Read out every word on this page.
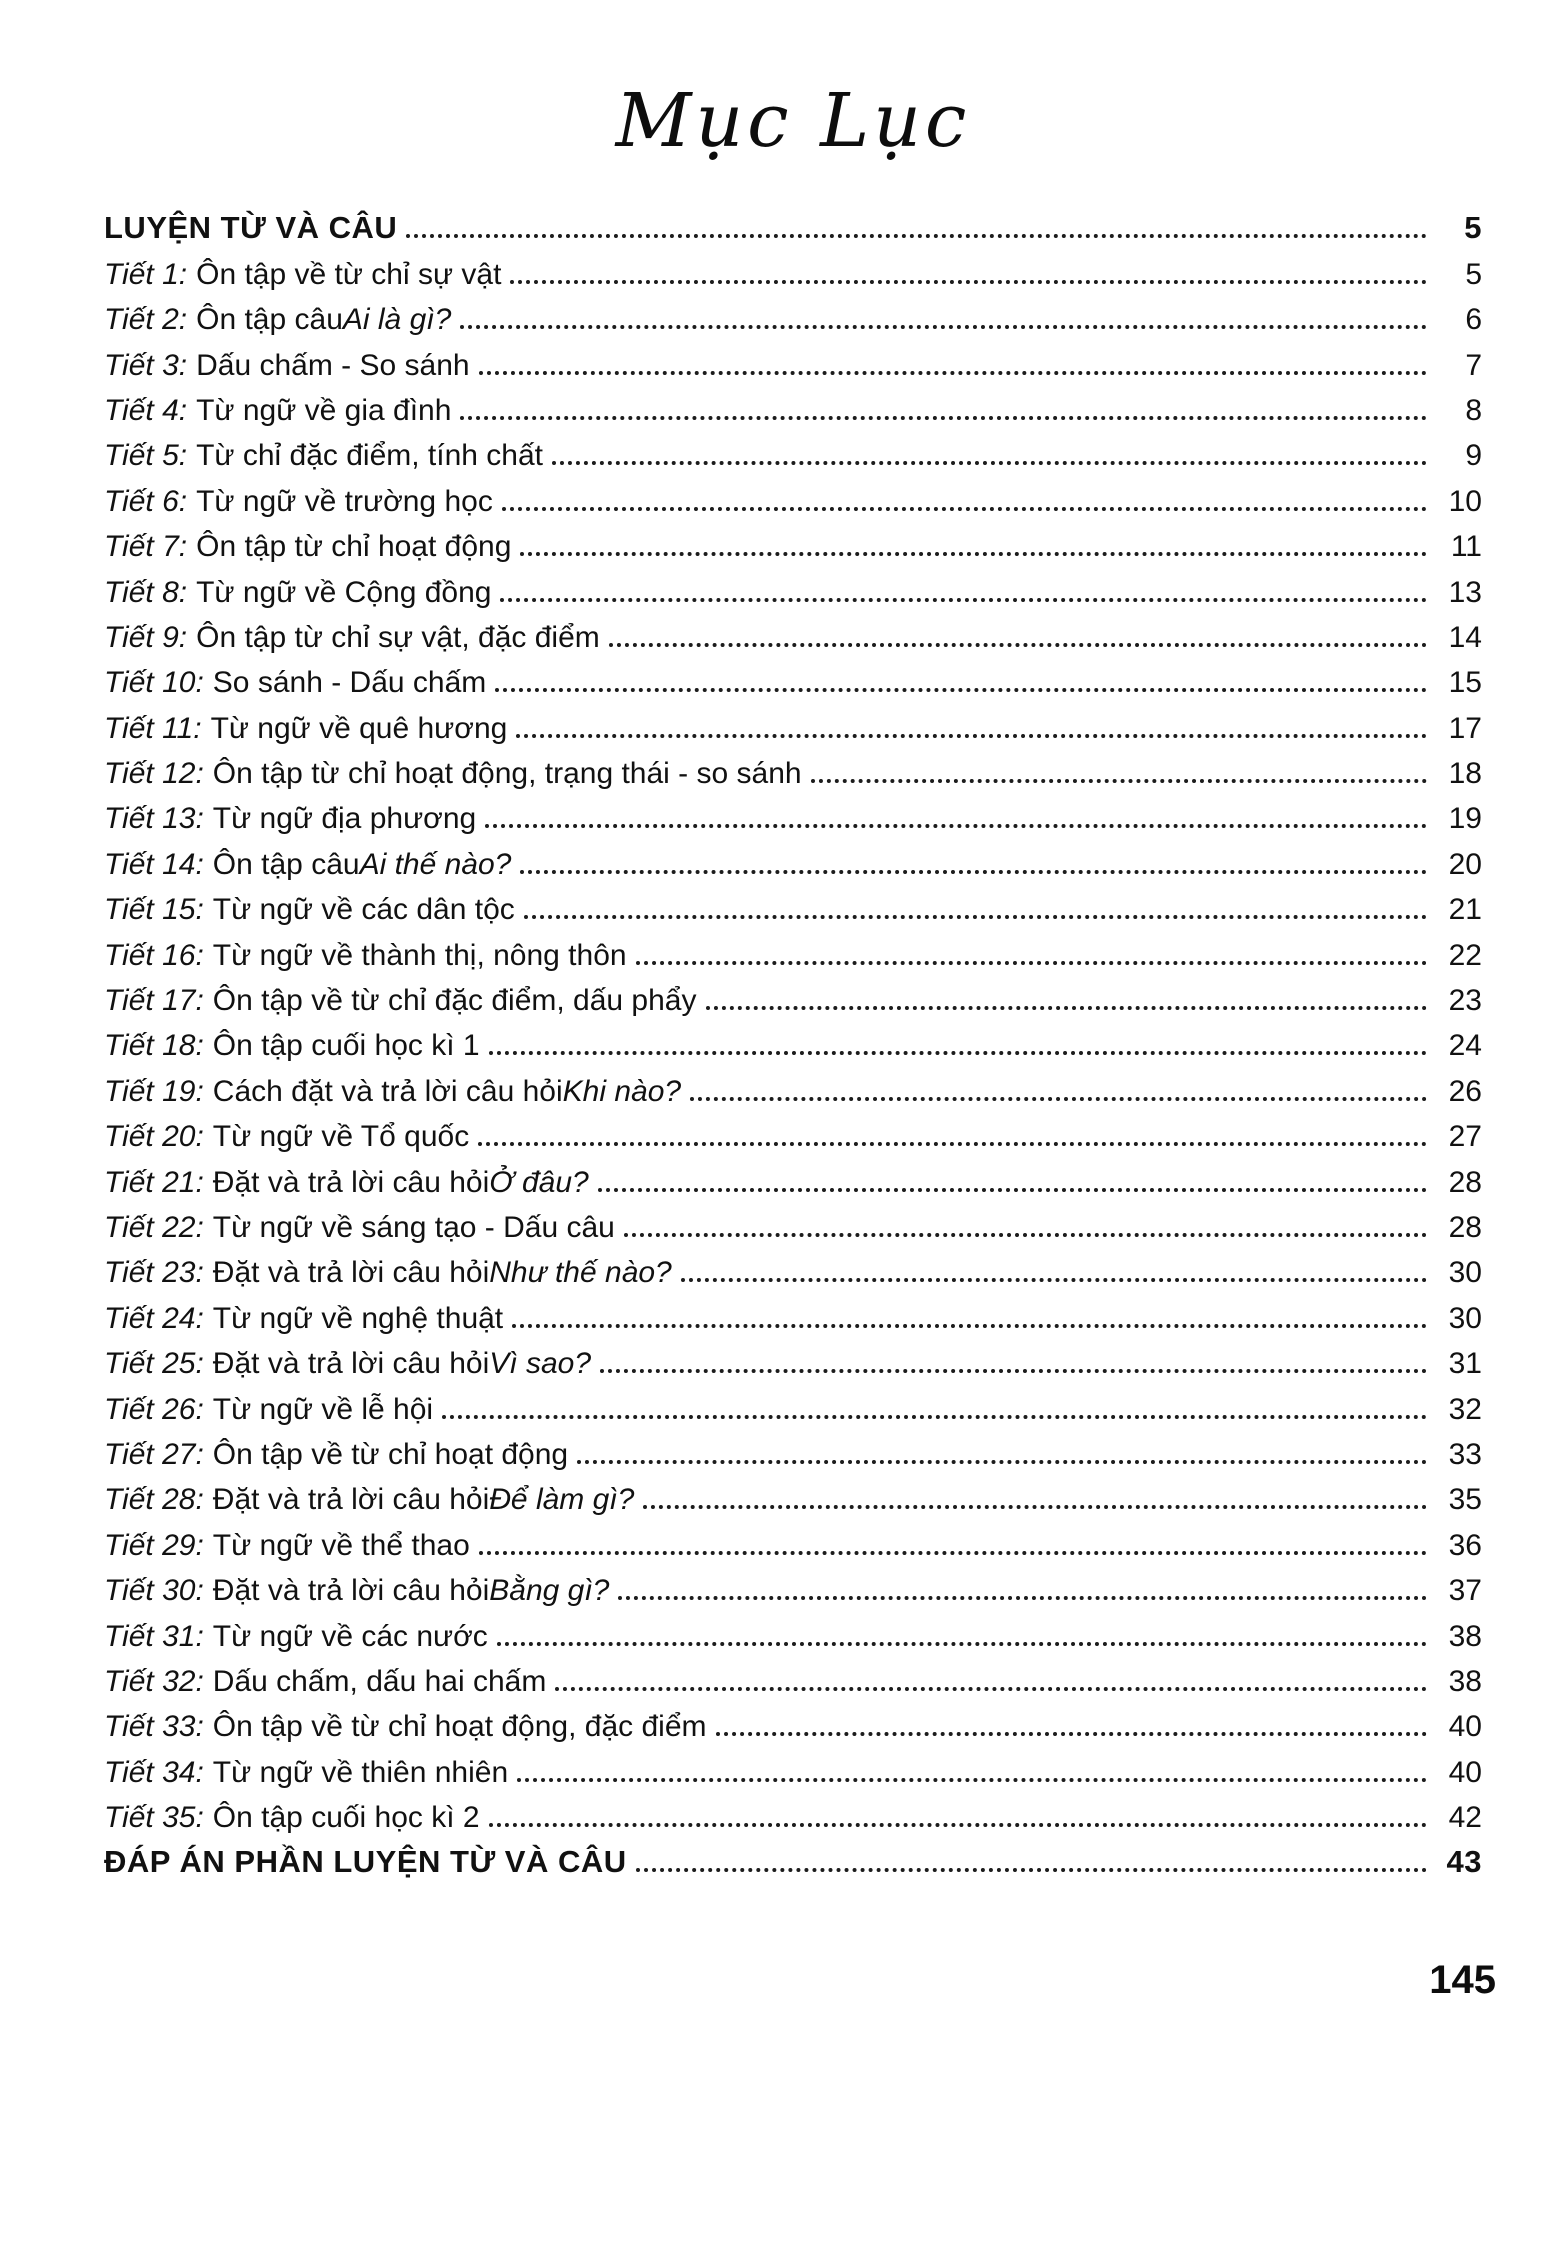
Mục Lục
LUYỆN TỪ VÀ CÂU	5
Tiết 1: Ôn tập về từ chỉ sự vật	5
Tiết 2: Ôn tập câu Ai là gì?	6
Tiết 3: Dấu chấm - So sánh	7
Tiết 4: Từ ngữ về gia đình	8
Tiết 5: Từ chỉ đặc điểm, tính chất	9
Tiết 6: Từ ngữ về trường học	10
Tiết 7: Ôn tập từ chỉ hoạt động	11
Tiết 8: Từ ngữ về Cộng đồng	13
Tiết 9: Ôn tập từ chỉ sự vật, đặc điểm	14
Tiết 10: So sánh - Dấu chấm	15
Tiết 11: Từ ngữ về quê hương	17
Tiết 12: Ôn tập từ chỉ hoạt động, trạng thái - so sánh	18
Tiết 13: Từ ngữ địa phương	19
Tiết 14: Ôn tập câu Ai thế nào?	20
Tiết 15: Từ ngữ về các dân tộc	21
Tiết 16: Từ ngữ về thành thị, nông thôn	22
Tiết 17: Ôn tập về từ chỉ đặc điểm, dấu phẩy	23
Tiết 18: Ôn tập cuối học kì 1	24
Tiết 19: Cách đặt và trả lời câu hỏi Khi nào?	26
Tiết 20: Từ ngữ về Tổ quốc	27
Tiết 21: Đặt và trả lời câu hỏi Ở đâu?	28
Tiết 22: Từ ngữ về sáng tạo - Dấu câu	28
Tiết 23: Đặt và trả lời câu hỏi Như thế nào?	30
Tiết 24: Từ ngữ về nghệ thuật	30
Tiết 25: Đặt và trả lời câu hỏi Vì sao?	31
Tiết 26: Từ ngữ về lễ hội	32
Tiết 27: Ôn tập về từ chỉ hoạt động	33
Tiết 28: Đặt và trả lời câu hỏi Để làm gì?	35
Tiết 29: Từ ngữ về thể thao	36
Tiết 30: Đặt và trả lời câu hỏi Bằng gì?	37
Tiết 31: Từ ngữ về các nước	38
Tiết 32: Dấu chấm, dấu hai chấm	38
Tiết 33: Ôn tập về từ chỉ hoạt động, đặc điểm	40
Tiết 34: Từ ngữ về thiên nhiên	40
Tiết 35: Ôn tập cuối học kì 2	42
ĐÁP ÁN PHẦN LUYỆN TỪ VÀ CÂU	43
145
